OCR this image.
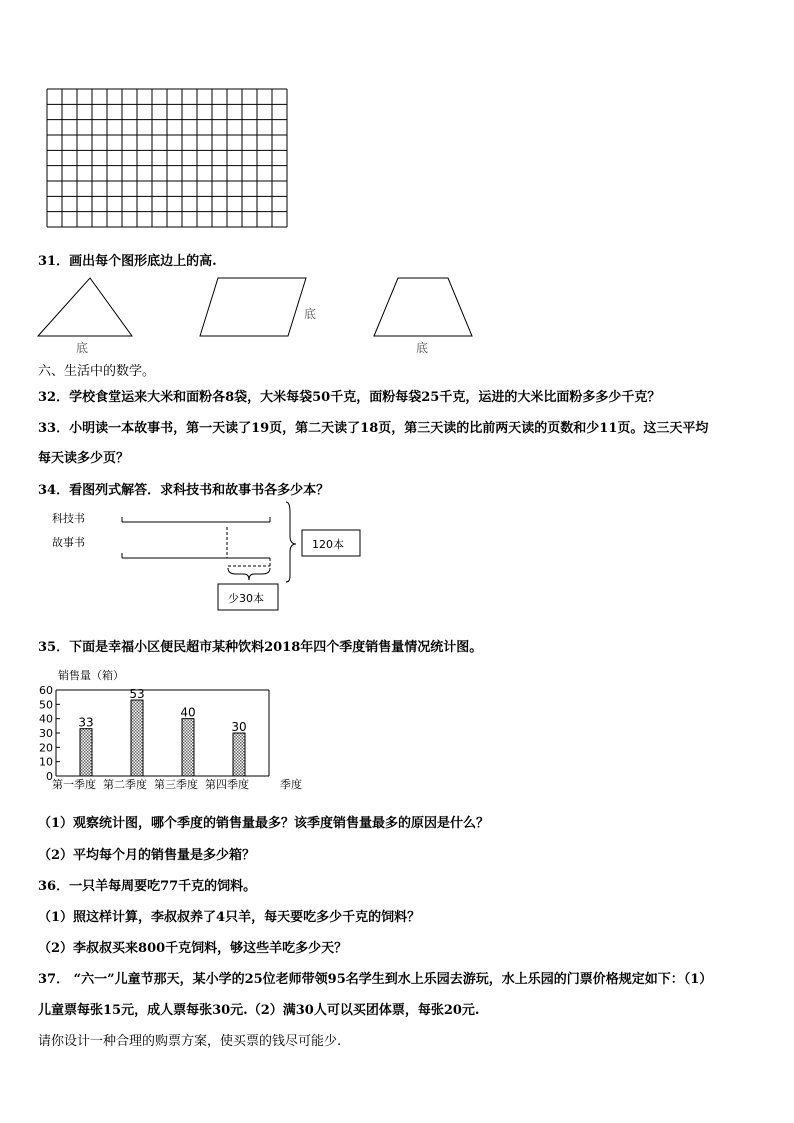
31．画出每个图形底边上的高.
底
底
底
六、生活中的数学。
32．学校食堂运来大米和面粉各8袋，大米每袋50千克，面粉每袋25千克，运进的大米比面粉多多少千克？
33．小明读一本故事书，第一天读了19页，第二天读了18页，第三天读的比前两天读的页数和少11页。这三天平均
每天读多少页？
34．看图列式解答．求科技书和故事书各多少本？
科技书
故事书	120本
少30本
35．下面是幸福小区便民超市某种饮料2018年四个季度销售量情况统计图。
销售量（箱）
0
10
20
30
40
50
60
33
53
40
30
第一季度 第二季度 第三季度 第四季度	季度
（1）观察统计图，哪个季度的销售量最多？该季度销售量最多的原因是什么？
（2）平均每个月的销售量是多少箱？
36．一只羊每周要吃77千克的饲料。
（1）照这样计算，李叔叔养了4只羊，每天要吃多少千克的饲料？
（2）李叔叔买来800千克饲料，够这些羊吃多少天？
37． “六一”儿童节那天，某小学的25位老师带领95名学生到水上乐园去游玩，水上乐园的门票价格规定如下：（1）
儿童票每张15元，成人票每张30元.（2）满30人可以买团体票，每张20元.
请你设计一种合理的购票方案，使买票的钱尽可能少.
